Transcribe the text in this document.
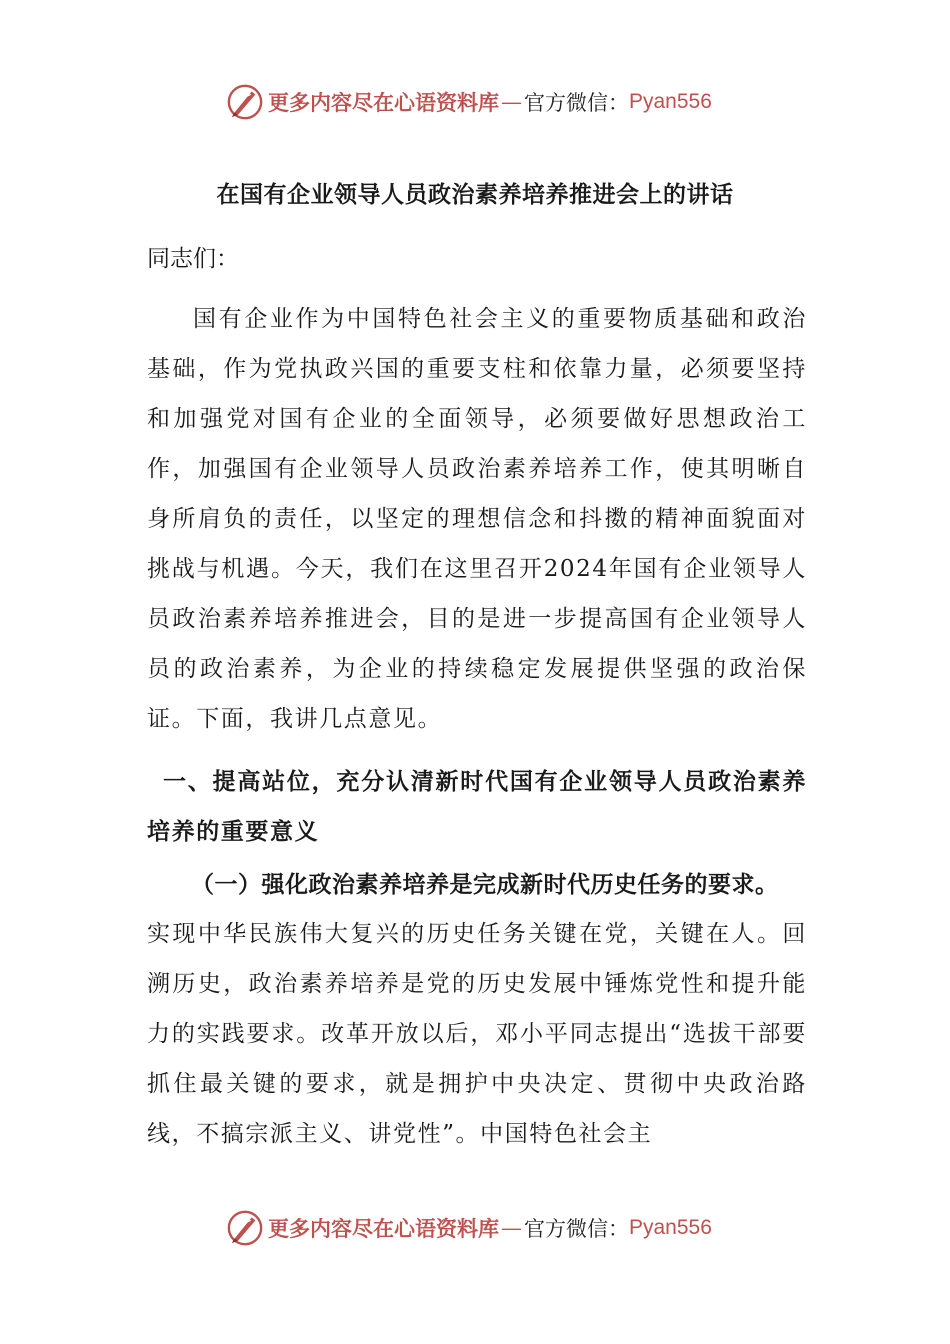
更多内容尽在心语资料库 — 官方微信： Pyan556
在国有企业领导人员政治素养培养推进会上的讲话
同志们：
国有企业作为中国特色社会主义的重要物质基础和政治基础，作为党执政兴国的重要支柱和依靠力量，必须要坚持和加强党对国有企业的全面领导，必须要做好思想政治工作，加强国有企业领导人员政治素养培养工作，使其明晰自身所肩负的责任，以坚定的理想信念和抖擞的精神面貌面对挑战与机遇。今天，我们在这里召开2024年国有企业领导人员政治素养培养推进会，目的是进一步提高国有企业领导人员的政治素养，为企业的持续稳定发展提供坚强的政治保证。下面，我讲几点意见。
一、提高站位，充分认清新时代国有企业领导人员政治素养培养的重要意义
（一）强化政治素养培养是完成新时代历史任务的要求。
实现中华民族伟大复兴的历史任务关键在党，关键在人。回溯历史，政治素养培养是党的历史发展中锤炼党性和提升能力的实践要求。改革开放以后，邓小平同志提出“选拔干部要抓住最关键的要求，就是拥护中央决定、贯彻中央政治路线，不搞宗派主义、讲党性”。中国特色社会主
更多内容尽在心语资料库 — 官方微信： Pyan556
